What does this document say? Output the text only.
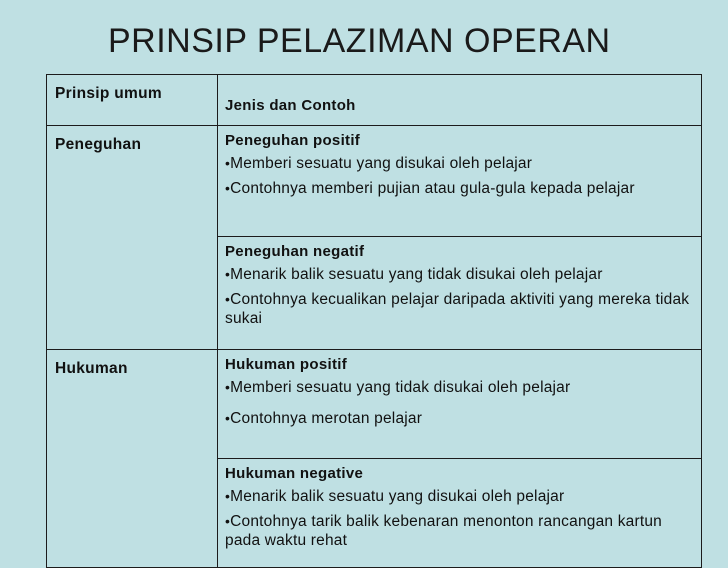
PRINSIP PELAZIMAN OPERAN
Prinsip umum	Jenis dan Contoh

Peneguhan	Peneguhan positif
•Memberi sesuatu yang disukai oleh pelajar
•Contohnya memberi pujian atau gula-gula kepada pelajar

	Peneguhan negatif
•Menarik balik sesuatu yang tidak disukai oleh pelajar
•Contohnya kecualikan pelajar daripada aktiviti yang mereka tidak sukai

Hukuman	Hukuman positif
•Memberi sesuatu yang tidak disukai oleh pelajar
•Contohnya merotan pelajar

	Hukuman negative
•Menarik balik sesuatu yang disukai oleh pelajar
•Contohnya tarik balik kebenaran menonton rancangan kartun pada waktu rehat
